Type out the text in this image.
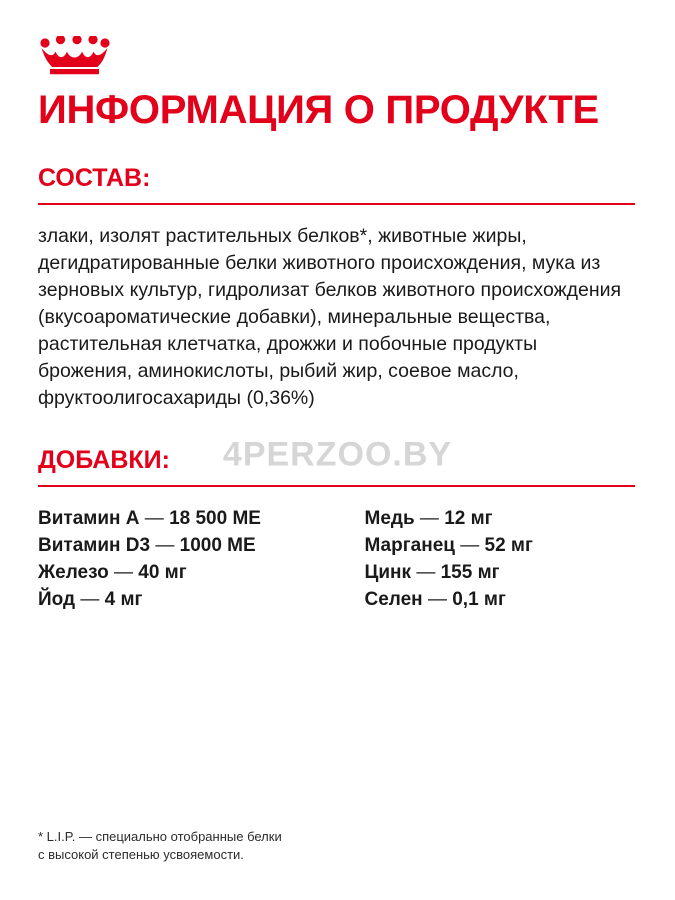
ИНФОРМАЦИЯ О ПРОДУКТЕ
СОСТАВ:

злаки, изолят растительных белков*, животные жиры, дегидратированные белки животного происхождения, мука из зерновых культур, гидролизат белков животного происхождения (вкусоароматические добавки), минеральные вещества, растительная клетчатка, дрожжи и побочные продукты брожения, аминокислоты, рыбий жир, соевое масло, фруктоолигосахариды (0,36%)

ДОБАВКИ:
Витамин A — 18 500 МЕ
Витамин D3 — 1000 МЕ
Железо — 40 мг
Йод — 4 мг
Медь — 12 мг
Марганец — 52 мг
Цинк — 155 мг
Селен — 0,1 мг
* L.I.P. — специально отобранные белки
с высокой степенью усвояемости.
4PERZOO.BY
